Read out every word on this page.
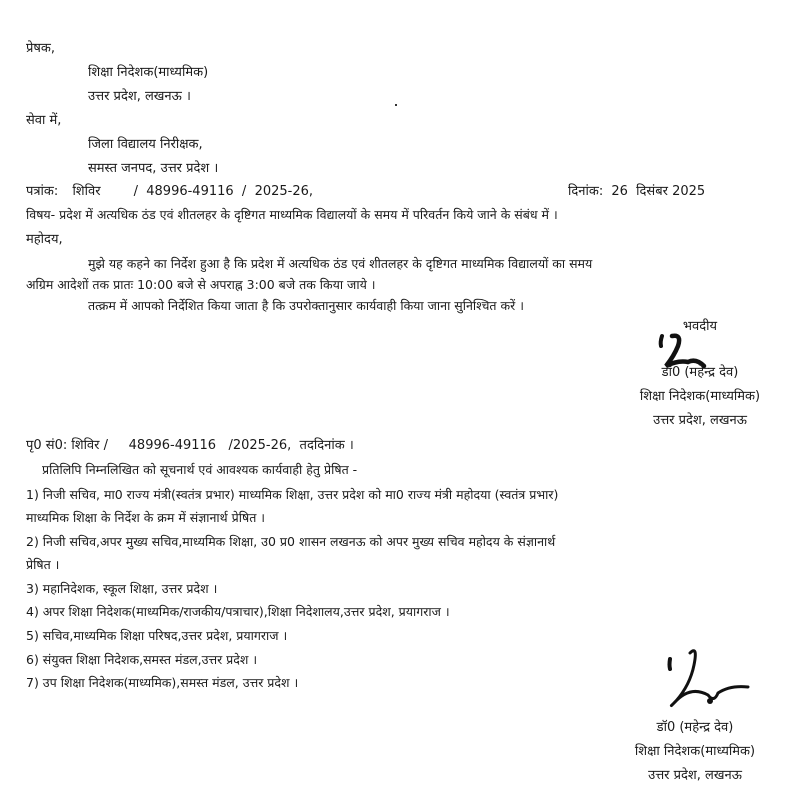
प्रेषक,
शिक्षा निदेशक(माध्यमिक)
उत्तर प्रदेश, लखनऊ ।
सेवा में,
जिला विद्यालय निरीक्षक,
समस्त जनपद, उत्तर प्रदेश ।
पत्रांक: शिविर        /  48996-49116  /  2025-26,	दिनांक: 26  दिसंबर 2025
विषय- प्रदेश में अत्यधिक ठंड एवं शीतलहर के दृष्टिगत माध्यमिक विद्यालयों के समय में परिवर्तन किये जाने के संबंध में ।
महोदय,
मुझे यह कहने का निर्देश हुआ है कि प्रदेश में अत्यधिक ठंड एवं शीतलहर के दृष्टिगत माध्यमिक विद्यालयों का समय
अग्रिम आदेशों तक प्रातः 10:00 बजे से अपराह्न 3:00 बजे तक किया जाये ।
तत्क्रम में आपको निर्देशित किया जाता है कि उपरोक्तानुसार कार्यवाही किया जाना सुनिश्चित करें ।
भवदीय
डॉ0 (महेन्द्र देव)
शिक्षा निदेशक(माध्यमिक)
उत्तर प्रदेश, लखनऊ
पृ0 सं0: शिविर /     48996-49116   /2025-26,  तददिनांक ।
प्रतिलिपि निम्नलिखित को सूचनार्थ एवं आवश्यक कार्यवाही हेतु प्रेषित -
1) निजी सचिव, मा0 राज्य मंत्री(स्वतंत्र प्रभार) माध्यमिक शिक्षा, उत्तर प्रदेश को मा0 राज्य मंत्री महोदया (स्वतंत्र प्रभार)
माध्यमिक शिक्षा के निर्देश के क्रम में संज्ञानार्थ प्रेषित ।
2) निजी सचिव,अपर मुख्य सचिव,माध्यमिक शिक्षा, उ0 प्र0 शासन लखनऊ को अपर मुख्य सचिव महोदय के संज्ञानार्थ
प्रेषित ।
3) महानिदेशक, स्कूल शिक्षा, उत्तर प्रदेश ।
4) अपर शिक्षा निदेशक(माध्यमिक/राजकीय/पत्राचार),शिक्षा निदेशालय,उत्तर प्रदेश, प्रयागराज ।
5) सचिव,माध्यमिक शिक्षा परिषद,उत्तर प्रदेश, प्रयागराज ।
6) संयुक्त शिक्षा निदेशक,समस्त मंडल,उत्तर प्रदेश ।
7) उप शिक्षा निदेशक(माध्यमिक),समस्त मंडल, उत्तर प्रदेश ।
डॉ0 (महेन्द्र देव)
शिक्षा निदेशक(माध्यमिक)
उत्तर प्रदेश, लखनऊ
